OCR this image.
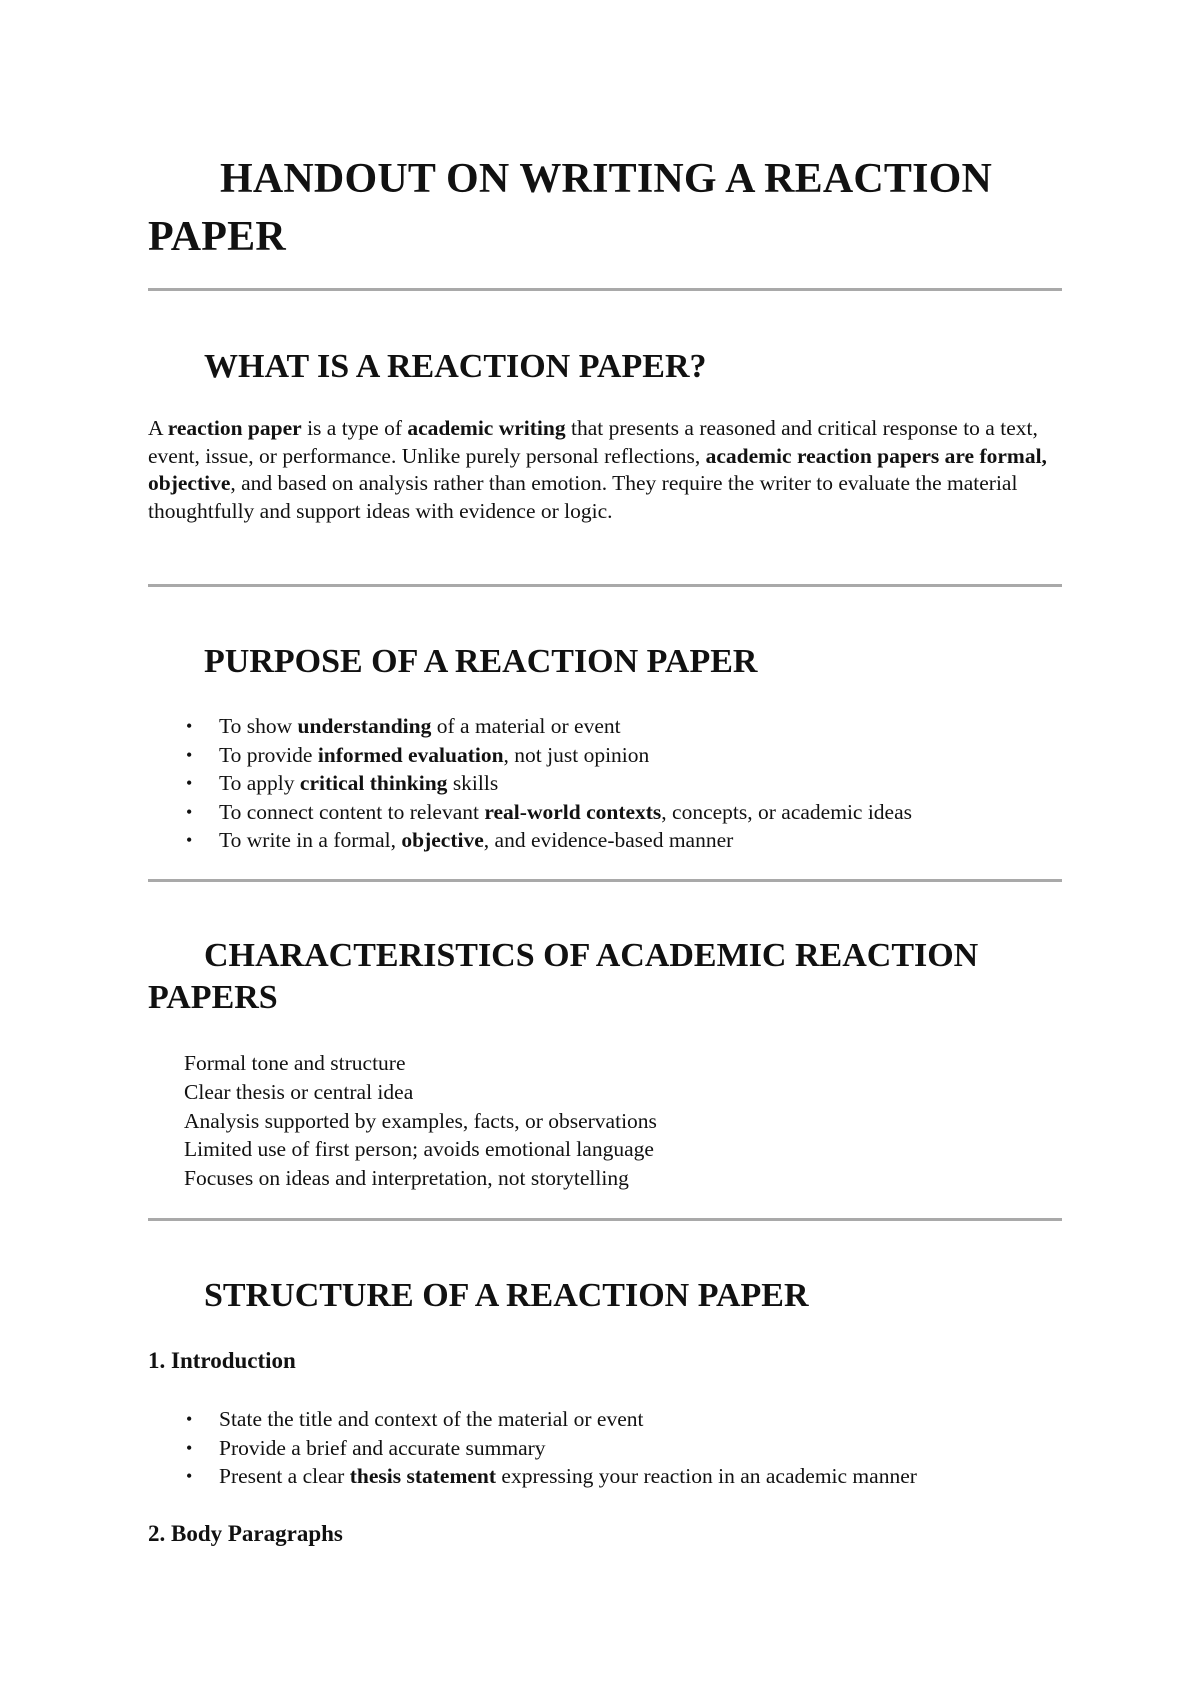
HANDOUT ON WRITING A REACTION PAPER
WHAT IS A REACTION PAPER?

A reaction paper is a type of academic writing that presents a reasoned and critical response to a text, event, issue, or performance. Unlike purely personal reflections, academic reaction papers are formal, objective, and based on analysis rather than emotion. They require the writer to evaluate the material thoughtfully and support ideas with evidence or logic.

PURPOSE OF A REACTION PAPER
• To show understanding of a material or event
• To provide informed evaluation, not just opinion
• To apply critical thinking skills
• To connect content to relevant real-world contexts, concepts, or academic ideas
• To write in a formal, objective, and evidence-based manner
CHARACTERISTICS OF ACADEMIC REACTION PAPERS
Formal tone and structure
Clear thesis or central idea
Analysis supported by examples, facts, or observations
Limited use of first person; avoids emotional language
Focuses on ideas and interpretation, not storytelling
STRUCTURE OF A REACTION PAPER
1. Introduction
• State the title and context of the material or event
• Provide a brief and accurate summary
• Present a clear thesis statement expressing your reaction in an academic manner
2. Body Paragraphs
